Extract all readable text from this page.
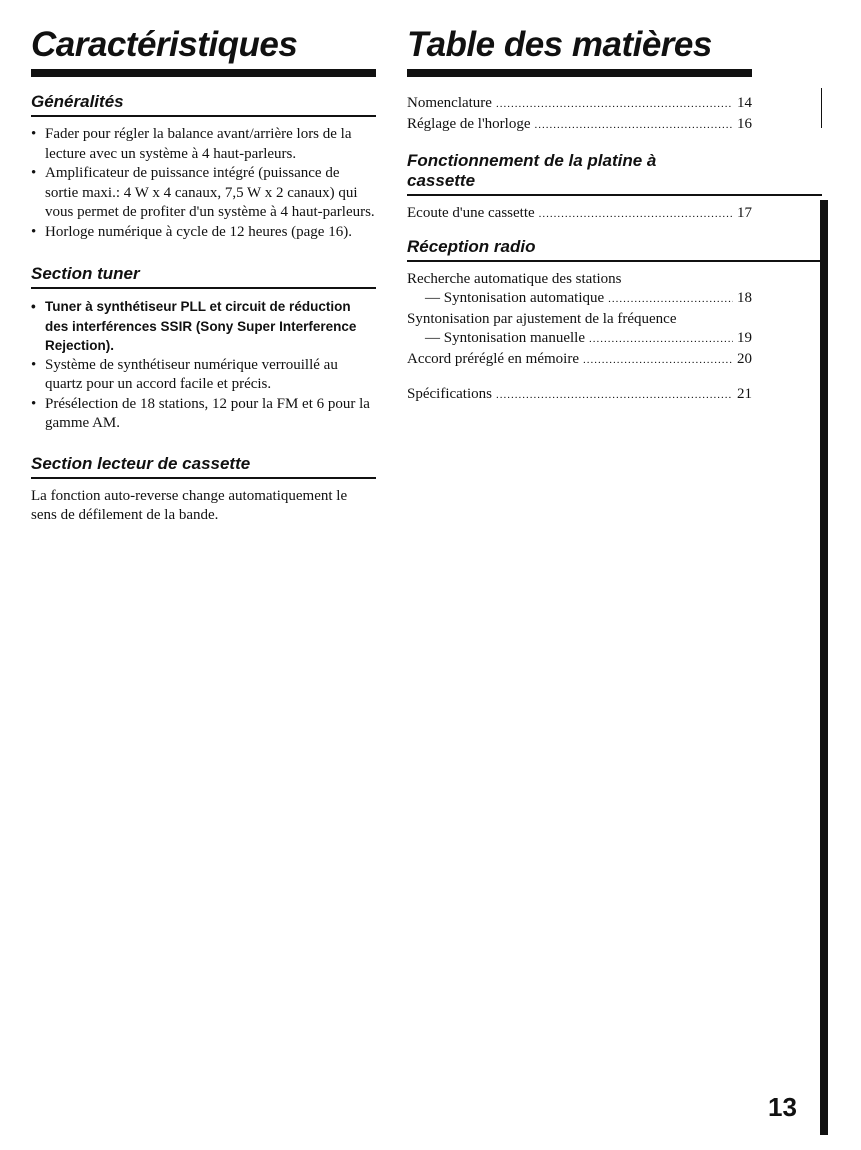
Caractéristiques
Généralités
• Fader pour régler la balance avant/arrière lors de la lecture avec un système à 4 haut-parleurs.
• Amplificateur de puissance intégré (puissance de sortie maxi.: 4 W x 4 canaux, 7,5 W x 2 canaux) qui vous permet de profiter d'un système à 4 haut-parleurs.
• Horloge numérique à cycle de 12 heures (page 16).
Section tuner
• Tuner à synthétiseur PLL et circuit de réduction des interférences SSIR (Sony Super Interference Rejection).
• Système de synthétiseur numérique verrouillé au quartz pour un accord facile et précis.
• Présélection de 18 stations, 12 pour la FM et 6 pour la gamme AM.
Section lecteur de cassette

La fonction auto-reverse change automatiquement le sens de défilement de la bande.

Table des matières
Nomenclature .....	14
Réglage de l'horloge .....	16
Fonctionnement de la platine à
cassette
Ecoute d'une cassette .....	17
Réception radio
Recherche automatique des stations
— Syntonisation automatique .....	18
Syntonisation par ajustement de la fréquence
— Syntonisation manuelle .....	19
Accord préréglé en mémoire .....	20
Spécifications .....	21
13
